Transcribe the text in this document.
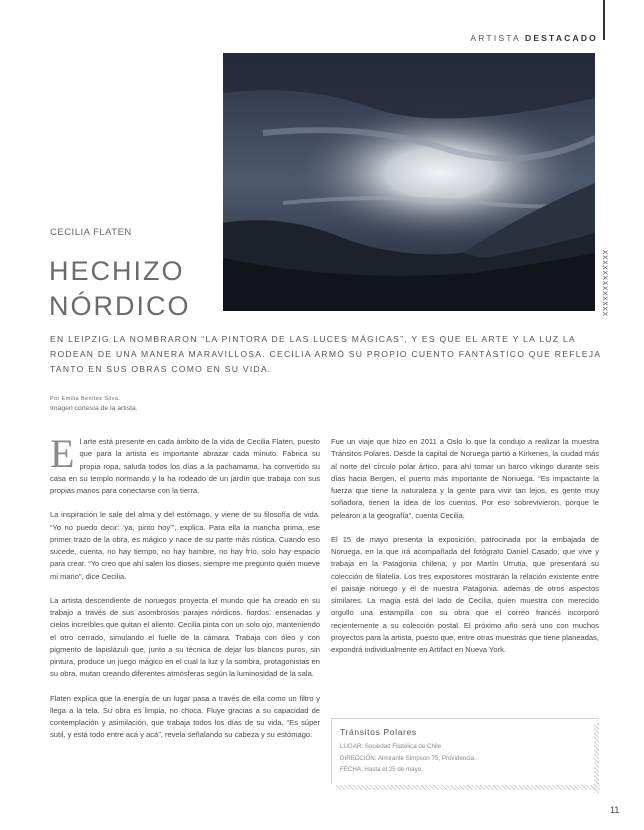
ARTISTA DESTACADO
XXXXXXXXXXXXX
CECILIA FLATEN
HECHIZO
NÓRDICO
EN LEIPZIG LA NOMBRARON “LA PINTORA DE LAS LUCES MÁGICAS”, Y ES QUE EL ARTE Y LA LUZ LA RODEAN DE UNA MANERA MARAVILLOSA. CECILIA ARMÓ SU PROPIO CUENTO FANTÁSTICO QUE REFLEJA TANTO EN SUS OBRAS COMO EN SU VIDA.
Por Emilia Benítez Silva.
Imagen cortesía de la artista.

El arte está presente en cada ámbito de la vida de Cecilia Flaten, puesto que para la artista es importante abrazar cada minuto. Fabrica su propia ropa, saluda todos los días a la pachamama, ha convertido su casa en su templo normando y la ha rodeado de un jardín que trabaja con sus propias manos para conectarse con la tierra.

La inspiración le sale del alma y del estómago, y viene de su filosofía de vida. “Yo no puedo decir: ‘ya, pinto hoy’”, explica. Para ella la mancha prima, ese primer trazo de la obra, es mágico y nace de su parte más rústica. Cuando eso sucede, cuenta, no hay tiempo, no hay hambre, no hay frío, solo hay espacio para crear. “Yo creo que ahí salen los dioses, siempre me pregunto quién mueve mi mano”, dice Cecilia.

La artista descendiente de noruegos proyecta el mundo que ha creado en su trabajo a través de sus asombrosos parajes nórdicos. fiordos. ensenadas y cielos increíbles que quitan el aliento. Cecilia pinta con un solo ojo, manteniendo el otro cerrado, simulando el fuelle de la cámara. Trabaja con óleo y con pigmento de lapislázuli que, junto a su técnica de dejar los blancos puros, sin pintura, produce un juego mágico en el cual la luz y la sombra, protagonistas en su obra, mutan creando diferentes atmósferas según la luminosidad de la sala.

Flaten explica que la energía de un lugar pasa a través de ella como un filtro y llega a la tela. Su obra es limpia, no choca. Fluye gracias a su capacidad de contemplación y asimilación, que trabaja todos los días de su vida. “Es súper sutil, y está todo entre acá y acá”, revela señalando su cabeza y su estómago.

Fue un viaje que hizo en 2011 a Oslo lo que la condujo a realizar la muestra Tránsitos Polares. Desde la capital de Noruega partió a Kirkenes, la ciudad más al norte del círculo polar ártico, para ahí tomar un barco vikingo durante seis días hacia Bergen, el puerto más importante de Noriuega. “Es impactante la fuerza que tiene la naturaleza y la gente para vivir tan lejos, es gente muy soñadora, tienen la idea de los cuentos. Por eso sobrevivieron, porque le pelearon a la geografía”, cuenta Cecilia.

El 15 de mayo presenta la exposición, patrocinada por la embajada de Noruega, en la que irá acompañada del fotógrato Daniel Casado, que vive y trabaja en la Patagonia chilena, y por Martín Urrutia, que presentará su colección de filatelia. Los tres expositores mostrarán la relación existente entre el paisaje noruego y el de nuestra Patagonia. además de otros aspectos similares. La magia está del lado de Cecilia, quien muestra con merecido orgullo una estampilla con su obra que el correo francés incorporó recientemente a su colección postal. El próximo año será uno con muchos proyectos para la artista, puesto que, entre otras muestras que tiene planeadas, expondrá individualmente en Artifact en Nueva York.

Tránsitos Polares
LUGAR: Sociedad Filatélica de Chile
DIRECCIÓN: Almirante Simpson 75, Providencia.
FECHA: Hasta el 25 de mayo.
11
